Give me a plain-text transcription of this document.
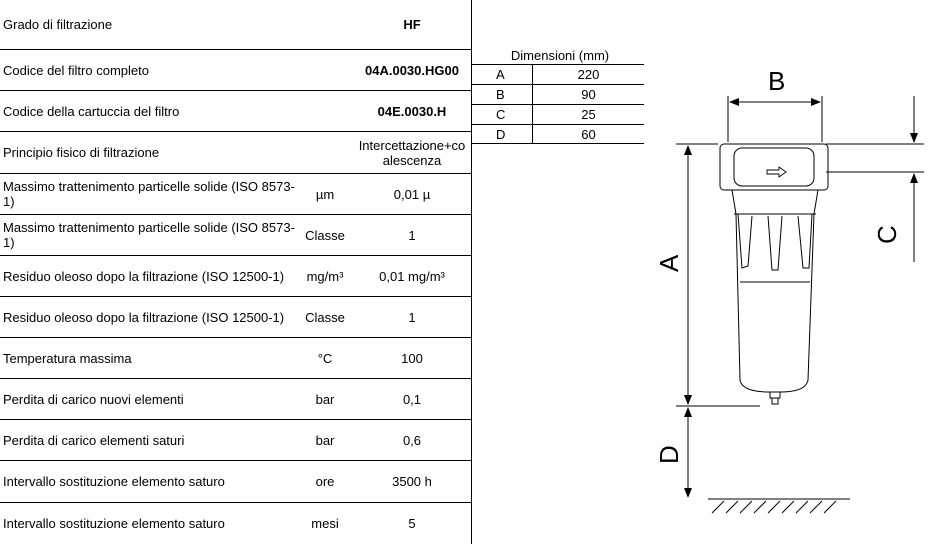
Grado di filtrazione	HF
Codice del filtro completo	04A.0030.HG00
Codice della cartuccia del filtro	04E.0030.H
Principio fisico di filtrazione	Intercettazione+coalescenza
Massimo trattenimento particelle solide (ISO 8573-1)	µm	0,01 µ
Massimo trattenimento particelle solide (ISO 8573-1)	Classe	1
Residuo oleoso dopo la filtrazione (ISO 12500-1)	mg/m³	0,01 mg/m³
Residuo oleoso dopo la filtrazione (ISO 12500-1)	Classe	1
Temperatura massima	°C	100
Perdita di carico nuovi elementi	bar	0,1
Perdita di carico elementi saturi	bar	0,6
Intervallo sostituzione elemento saturo	ore	3500 h
Intervallo sostituzione elemento saturo	mesi	5
Dimensioni (mm)
A	220
B	90
C	25
D	60
B
C
A
D
